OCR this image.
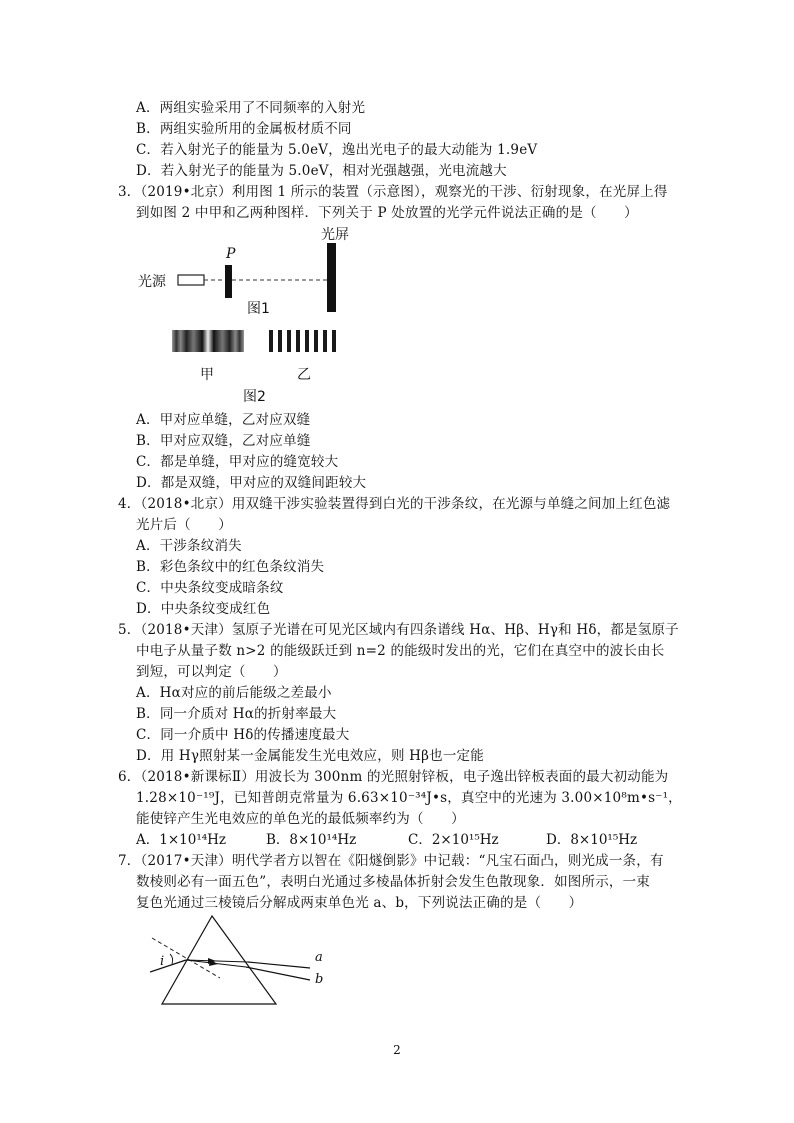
A．两组实验采用了不同频率的入射光
B．两组实验所用的金属板材质不同
C．若入射光子的能量为 5.0eV，逸出光电子的最大动能为 1.9eV
D．若入射光子的能量为 5.0eV，相对光强越强，光电流越大
3．（2019•北京）利用图 1 所示的装置（示意图），观察光的干涉、衍射现象，在光屏上得
到如图 2 中甲和乙两种图样．下列关于 P 处放置的光学元件说法正确的是（　　）
光源
P
光屏
图1
甲	乙
图2
A．甲对应单缝，乙对应双缝
B．甲对应双缝，乙对应单缝
C．都是单缝，甲对应的缝宽较大
D．都是双缝，甲对应的双缝间距较大
4．（2018•北京）用双缝干涉实验装置得到白光的干涉条纹，在光源与单缝之间加上红色滤
光片后（　　）
A．干涉条纹消失
B．彩色条纹中的红色条纹消失
C．中央条纹变成暗条纹
D．中央条纹变成红色
5．（2018•天津）氢原子光谱在可见光区域内有四条谱线 Hα、Hβ、Hγ和 Hδ，都是氢原子
中电子从量子数 n>2 的能级跃迁到 n=2 的能级时发出的光，它们在真空中的波长由长
到短，可以判定（　　）
A．Hα对应的前后能级之差最小
B．同一介质对 Hα的折射率最大
C．同一介质中 Hδ的传播速度最大
D．用 Hγ照射某一金属能发生光电效应，则 Hβ也一定能
6．（2018•新课标Ⅱ）用波长为 300nm 的光照射锌板，电子逸出锌板表面的最大初动能为
1.28×10⁻¹⁹J，已知普朗克常量为 6.63×10⁻³⁴J•s，真空中的光速为 3.00×10⁸m•s⁻¹，
能使锌产生光电效应的单色光的最低频率约为（　　）
A．1×10¹⁴Hz	B．8×10¹⁴Hz	C．2×10¹⁵Hz	D．8×10¹⁵Hz
7．（2017•天津）明代学者方以智在《阳燧倒影》中记载：“凡宝石面凸，则光成一条，有
数棱则必有一面五色”，表明白光通过多棱晶体折射会发生色散现象．如图所示，一束
复色光通过三棱镜后分解成两束单色光 a、b，下列说法正确的是（　　）
i	a
b
2
